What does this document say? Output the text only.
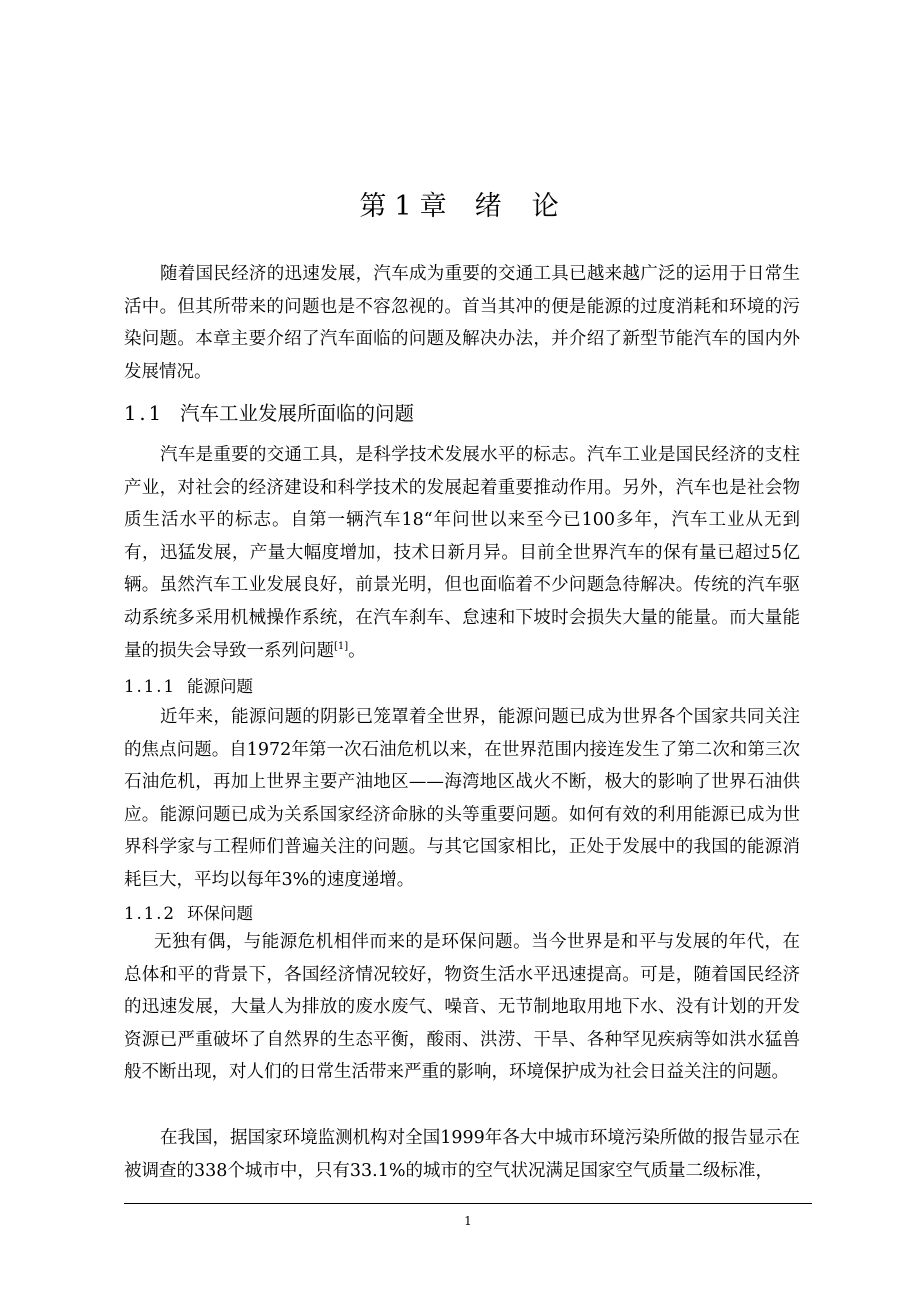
第 1 章 绪 论

随着国民经济的迅速发展，汽车成为重要的交通工具已越来越广泛的运用于日常生活中。但其所带来的问题也是不容忽视的。首当其冲的便是能源的过度消耗和环境的污染问题。本章主要介绍了汽车面临的问题及解决办法，并介绍了新型节能汽车的国内外发展情况。

1.1 汽车工业发展所面临的问题

汽车是重要的交通工具，是科学技术发展水平的标志。汽车工业是国民经济的支柱产业，对社会的经济建设和科学技术的发展起着重要推动作用。另外，汽车也是社会物质生活水平的标志。自第一辆汽车18“年问世以来至今已100多年，汽车工业从无到有，迅猛发展，产量大幅度增加，技术日新月异。目前全世界汽车的保有量已超过5亿辆。虽然汽车工业发展良好，前景光明，但也面临着不少问题急待解决。传统的汽车驱动系统多采用机械操作系统，在汽车刹车、怠速和下坡时会损失大量的能量。而大量能量的损失会导致一系列问题[1]。

1.1.1 能源问题

近年来，能源问题的阴影已笼罩着全世界，能源问题已成为世界各个国家共同关注的焦点问题。自1972年第一次石油危机以来，在世界范围内接连发生了第二次和第三次石油危机，再加上世界主要产油地区——海湾地区战火不断，极大的影响了世界石油供应。能源问题已成为关系国家经济命脉的头等重要问题。如何有效的利用能源已成为世界科学家与工程师们普遍关注的问题。与其它国家相比，正处于发展中的我国的能源消耗巨大，平均以每年3%的速度递增。

1.1.2 环保问题

无独有偶，与能源危机相伴而来的是环保问题。当今世界是和平与发展的年代，在总体和平的背景下，各国经济情况较好，物资生活水平迅速提高。可是，随着国民经济的迅速发展，大量人为排放的废水废气、噪音、无节制地取用地下水、没有计划的开发资源已严重破坏了自然界的生态平衡，酸雨、洪涝、干旱、各种罕见疾病等如洪水猛兽般不断出现，对人们的日常生活带来严重的影响，环境保护成为社会日益关注的问题。

在我国，据国家环境监测机构对全国1999年各大中城市环境污染所做的报告显示在被调查的338个城市中，只有33.1%的城市的空气状况满足国家空气质量二级标准，

1
